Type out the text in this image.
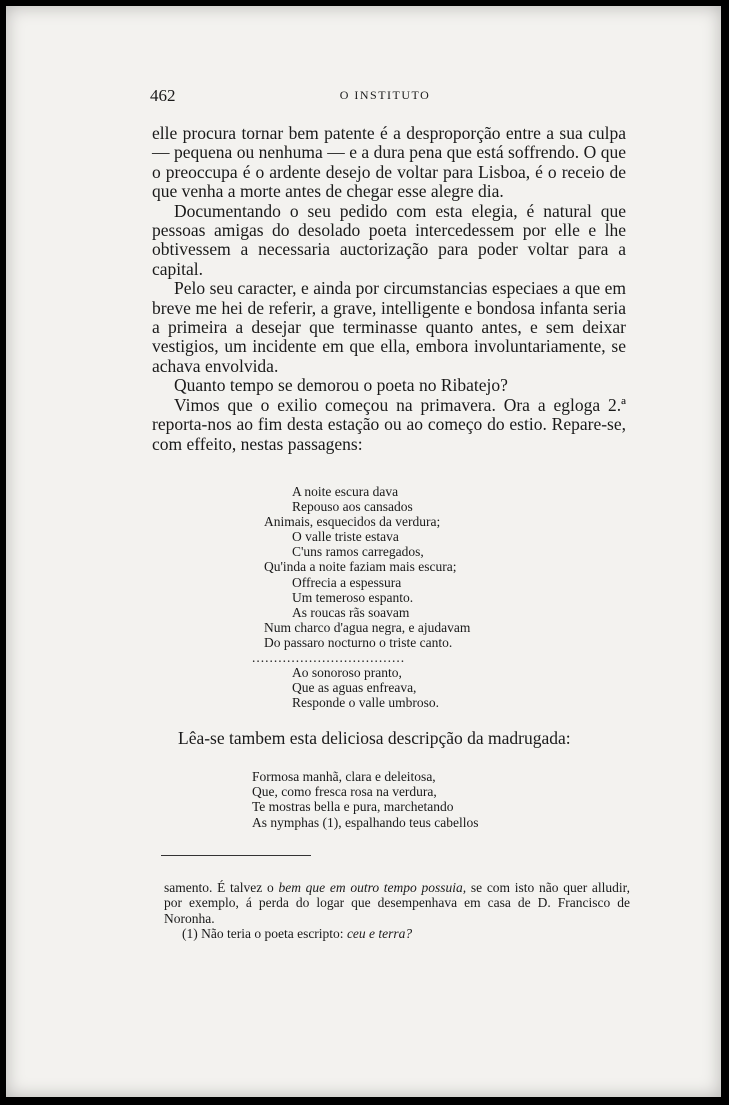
462	O INSTITUTO

elle procura tornar bem patente é a desproporção entre a sua culpa — pequena ou nenhuma — e a dura pena que está soffrendo. O que o preoccupa é o ardente desejo de voltar para Lisboa, é o receio de que venha a morte antes de chegar esse alegre dia.

Documentando o seu pedido com esta elegia, é natural que pessoas amigas do desolado poeta intercedessem por elle e lhe obtivessem a necessaria auctorização para poder voltar para a capital.

Pelo seu caracter, e ainda por circumstancias especiaes a que em breve me hei de referir, a grave, intelligente e bondosa infanta seria a primeira a desejar que terminasse quanto antes, e sem deixar vestigios, um incidente em que ella, embora involuntariamente, se achava envolvida.

Quanto tempo se demorou o poeta no Ribatejo?

Vimos que o exilio começou na primavera. Ora a egloga 2.ª reporta-nos ao fim desta estação ou ao começo do estio. Repare-se, com effeito, nestas passagens:

A noite escura dava
Repouso aos cansados
Animais, esquecidos da verdura;
O valle triste estava
C'uns ramos carregados,
Qu'inda a noite faziam mais escura;
Offrecia a espessura
Um temeroso espanto.
As roucas rãs soavam
Num charco d'agua negra, e ajudavam
Do passaro nocturno o triste canto.
...................................
Ao sonoroso pranto,
Que as aguas enfreava,
Responde o valle umbroso.
Lêa-se tambem esta deliciosa descripção da madrugada:
Formosa manhã, clara e deleitosa,
Que, como fresca rosa na verdura,
Te mostras bella e pura, marchetando
As nymphas (1), espalhando teus cabellos

samento. É talvez o bem que em outro tempo possuia, se com isto não quer alludir, por exemplo, á perda do logar que desempenhava em casa de D. Francisco de Noronha.

(1) Não teria o poeta escripto: ceu e terra?
